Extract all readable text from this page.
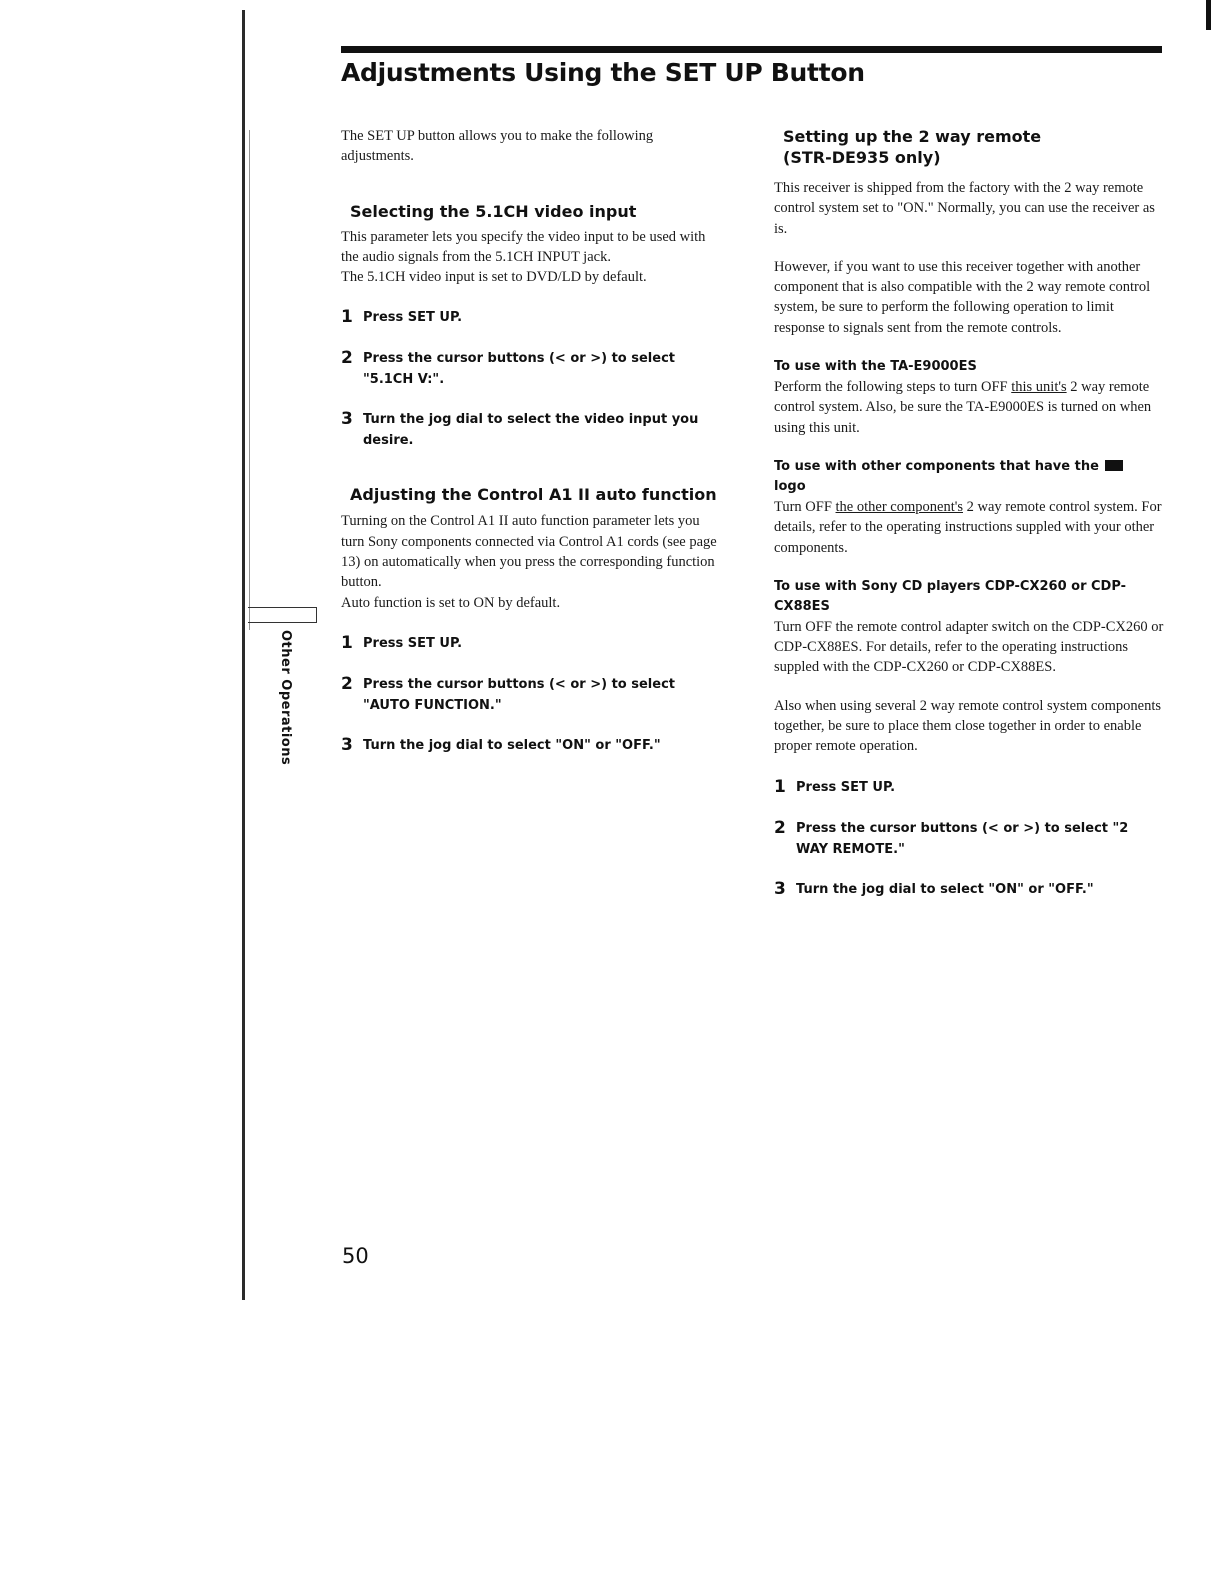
Adjustments Using the SET UP Button

The SET UP button allows you to make the following adjustments.

Selecting the 5.1CH video input

This parameter lets you specify the video input to be used with the audio signals from the 5.1CH INPUT jack.

The 5.1CH video input is set to DVD/LD by default.

1 Press SET UP.
2 Press the cursor buttons (< or >) to select "5.1CH V:".
3 Turn the jog dial to select the video input you desire.
Adjusting the Control A1 II auto function

Turning on the Control A1 II auto function parameter lets you turn Sony components connected via Control A1 cords (see page 13) on automatically when you press the corresponding function button.

Auto function is set to ON by default.

1 Press SET UP.
2 Press the cursor buttons (< or >) to select "AUTO FUNCTION."
3 Turn the jog dial to select "ON" or "OFF."
Setting up the 2 way remote (STR-DE935 only)

This receiver is shipped from the factory with the 2 way remote control system set to "ON." Normally, you can use the receiver as is.

However, if you want to use this receiver together with another component that is also compatible with the 2 way remote control system, be sure to perform the following operation to limit response to signals sent from the remote controls.

To use with the TA-E9000ES

Perform the following steps to turn OFF this unit's 2 way remote control system. Also, be sure the TA-E9000ES is turned on when using this unit.

To use with other components that have the
logo

Turn OFF the other component's 2 way remote control system. For details, refer to the operating instructions suppled with your other components.

To use with Sony CD players CDP-CX260 or CDP-CX88ES

Turn OFF the remote control adapter switch on the CDP-CX260 or CDP-CX88ES. For details, refer to the operating instructions suppled with the CDP-CX260 or CDP-CX88ES.

Also when using several 2 way remote control system components together, be sure to place them close together in order to enable proper remote operation.

1 Press SET UP.
2 Press the cursor buttons (< or >) to select "2 WAY REMOTE."
3 Turn the jog dial to select "ON" or "OFF."
Other Operations

50
